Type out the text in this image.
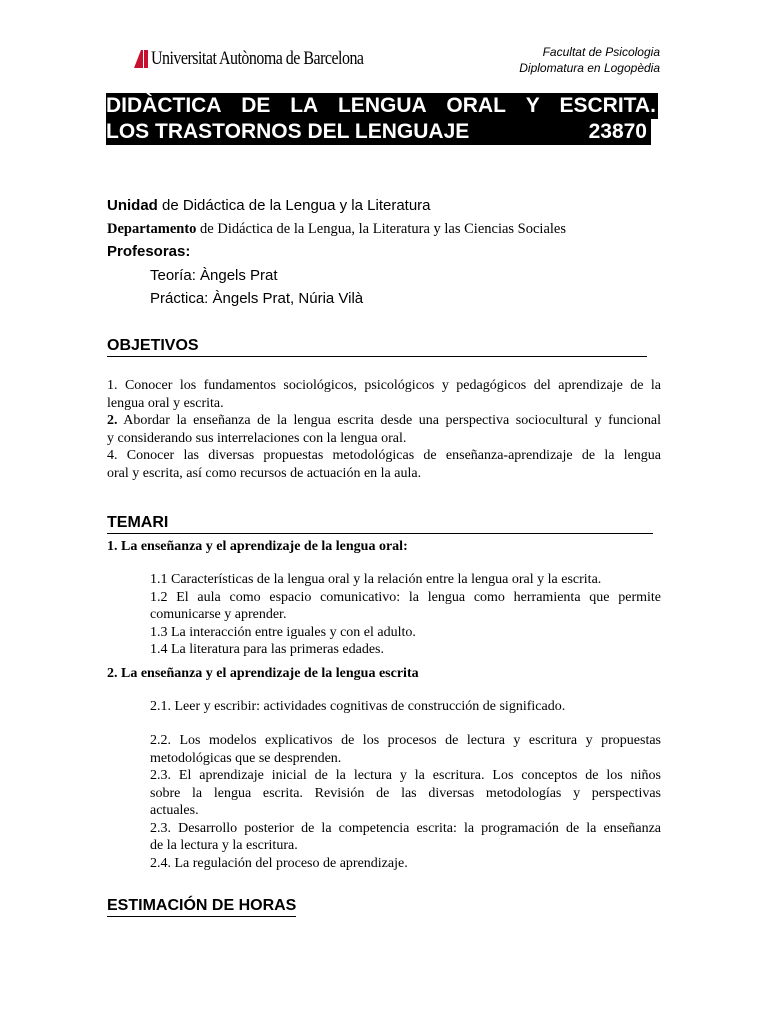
Universitat Autònoma de Barcelona	Facultat de Psicologia
Diplomatura en Logopèdia
DIDÀCTICA DE LA LENGUA ORAL Y ESCRITA.
LOS TRASTORNOS DEL LENGUAJE	23870
Unidad de Didáctica de la Lengua y la Literatura
Departamento de Didáctica de la Lengua, la Literatura y las Ciencias Sociales
Profesoras:
Teoría: Àngels Prat
Práctica: Àngels Prat, Núria Vilà
OBJETIVOS

1. Conocer los fundamentos sociológicos, psicológicos y pedagógicos del aprendizaje de la

lengua oral y escrita.

2. Abordar la enseñanza de la lengua escrita desde una perspectiva sociocultural y funcional

y considerando sus interrelaciones con la lengua oral.

4. Conocer las diversas propuestas metodológicas de enseñanza-aprendizaje de la lengua

oral y escrita, así como recursos de actuación en la aula.

TEMARI
1. La enseñanza y el aprendizaje de la lengua oral:

1.1 Características de la lengua oral y la relación entre la lengua oral y la escrita.

1.2 El aula como espacio comunicativo: la lengua como herramienta que permite

comunicarse y aprender.

1.3 La interacción entre iguales y con el adulto.

1.4 La literatura para las primeras edades.

2. La enseñanza y el aprendizaje de la lengua escrita

2.1. Leer y escribir: actividades cognitivas de construcción de significado.

2.2. Los modelos explicativos de los procesos de lectura y escritura y propuestas

metodológicas que se desprenden.

2.3. El aprendizaje inicial de la lectura y la escritura. Los conceptos de los niños

sobre la lengua escrita. Revisión de las diversas metodologías y perspectivas

actuales.

2.3. Desarrollo posterior de la competencia escrita: la programación de la enseñanza

de la lectura y la escritura.

2.4. La regulación del proceso de aprendizaje.

ESTIMACIÓN DE HORAS
